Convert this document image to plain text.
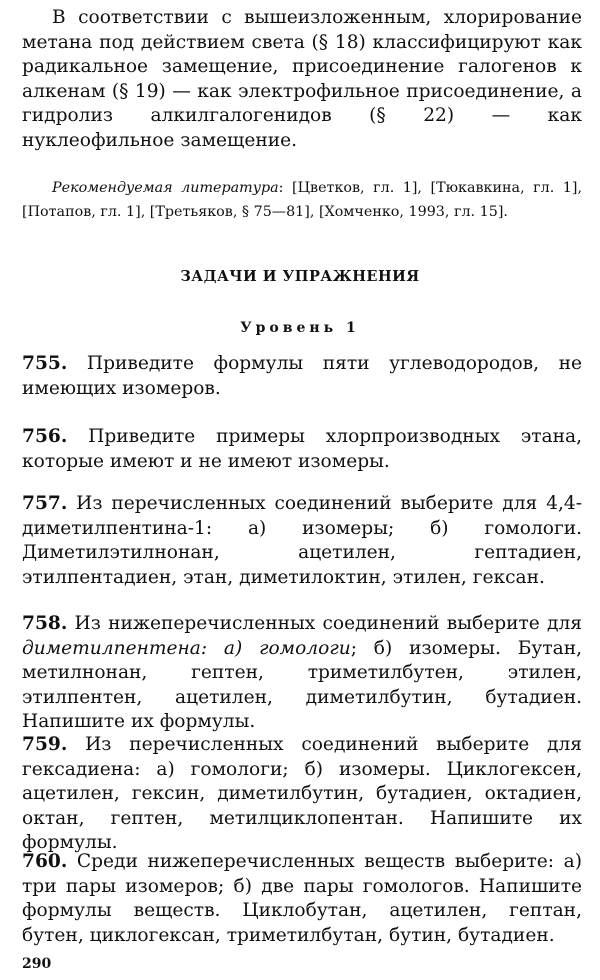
В соответствии с вышеизложенным, хлорирование метана под действием света (§ 18) классифицируют как радикальное замещение, присоединение галогенов к алкенам (§ 19) — как электрофильное присоединение, а гидролиз алкилгалогенидов (§ 22) — как нуклеофильное замещение.

Рекомендуемая литература: [Цветков, гл. 1], [Тюкавкина, гл. 1], [Потапов, гл. 1], [Третьяков, § 75—81], [Хомченко, 1993, гл. 15].

ЗАДАЧИ И УПРАЖНЕНИЯ

Уровень 1

755. Приведите формулы пяти углеводородов, не имеющих изомеров.

756. Приведите примеры хлорпроизводных этана, которые имеют и не имеют изомеры.

757. Из перечисленных соединений выберите для 4,4-диметилпентина-1: а) изомеры; б) гомологи. Диметилэтилнонан, ацетилен, гептадиен, этилпентадиен, этан, диметилоктин, этилен, гексан.

758. Из нижеперечисленных соединений выберите для диметилпентена: а) гомологи; б) изомеры. Бутан, метилнонан, гептен, триметилбутен, этилен, этилпентен, ацетилен, диметилбутин, бутадиен. Напишите их формулы.

759. Из перечисленных соединений выберите для гексадиена: а) гомологи; б) изомеры. Циклогексен, ацетилен, гексин, диметилбутин, бутадиен, октадиен, октан, гептен, метилциклопентан. Напишите их формулы.

760. Среди нижеперечисленных веществ выберите: а) три пары изомеров; б) две пары гомологов. Напишите формулы веществ. Циклобутан, ацетилен, гептан, бутен, циклогексан, триметилбутан, бутин, бутадиен.

290
